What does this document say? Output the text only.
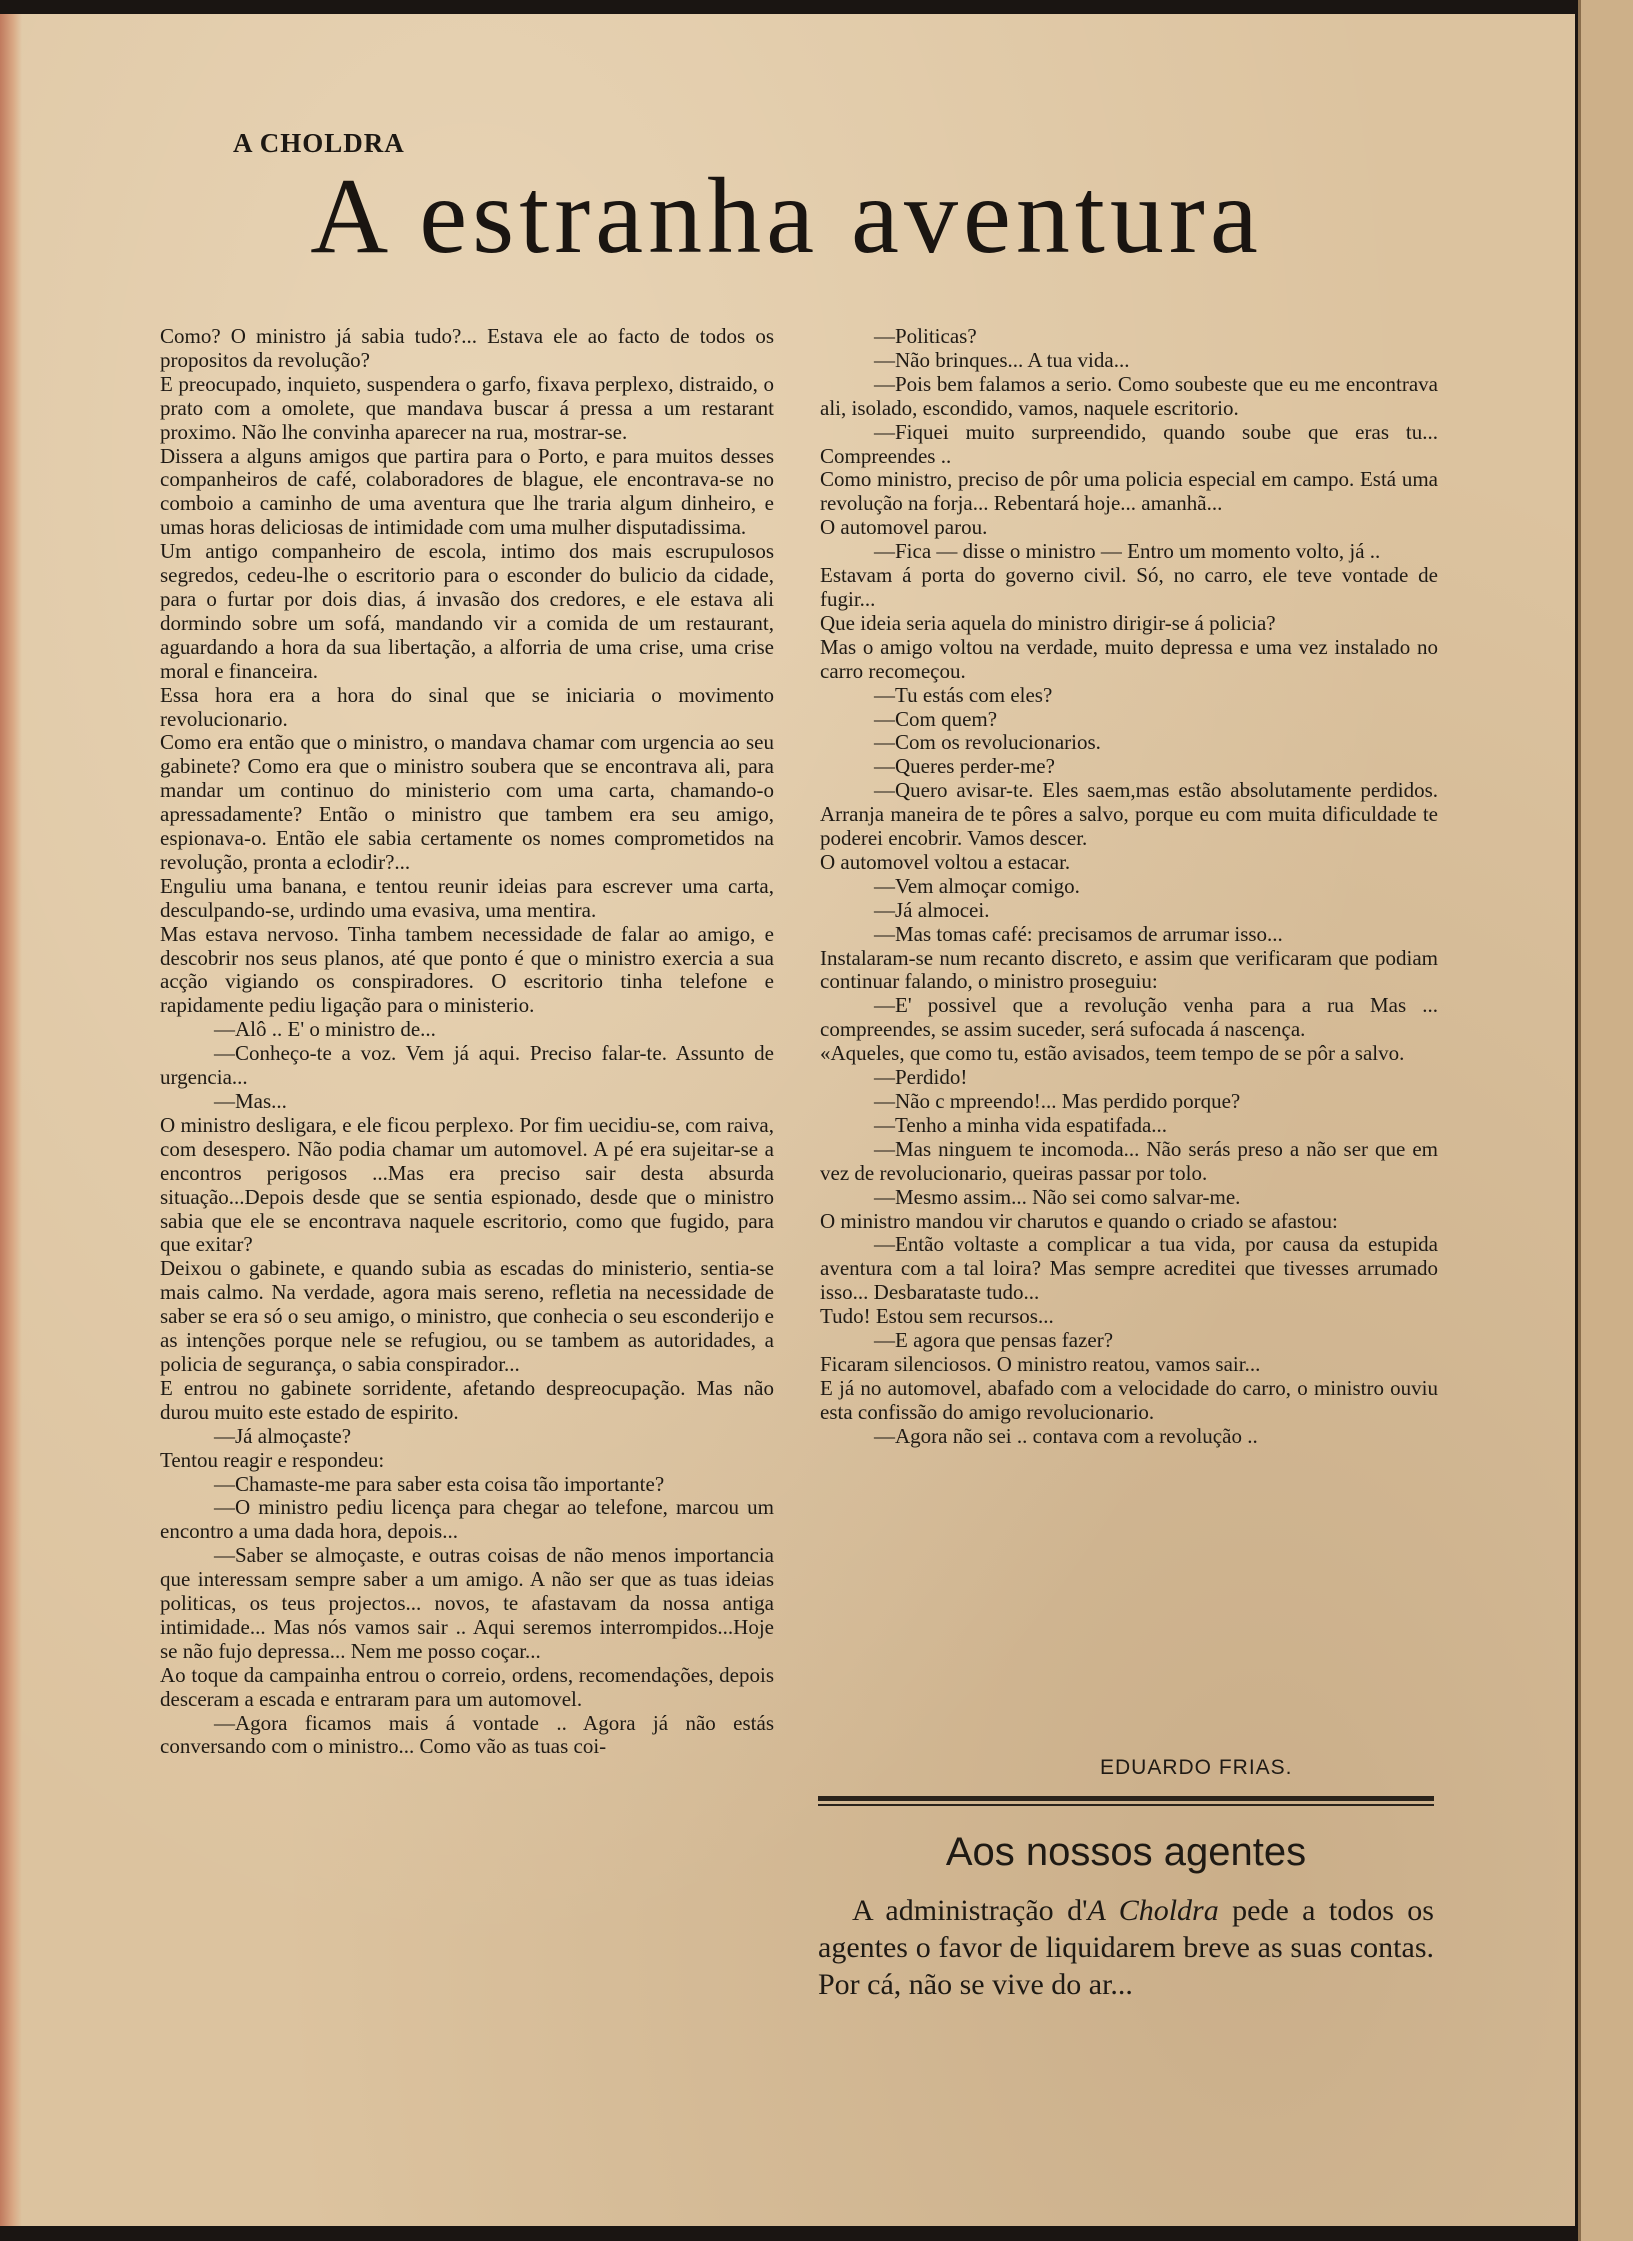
A CHOLDRA
A estranha aventura

Como? O ministro já sabia tudo?... Estava ele ao facto de todos os propositos da revolução?

E preocupado, inquieto, suspendera o garfo, fixava perplexo, distraido, o prato com a omolete, que mandava buscar á pressa a um restarant proximo. Não lhe convinha aparecer na rua, mostrar-se.

Dissera a alguns amigos que partira para o Porto, e para muitos desses companheiros de café, colaboradores de blague, ele encontrava-se no comboio a caminho de uma aventura que lhe traria algum dinheiro, e umas horas deliciosas de intimidade com uma mulher disputadissima.

Um antigo companheiro de escola, intimo dos mais escrupulosos segredos, cedeu-lhe o escritorio para o esconder do bulicio da cidade, para o furtar por dois dias, á invasão dos credores, e ele estava ali dormindo sobre um sofá, mandando vir a comida de um restaurant, aguardando a hora da sua libertação, a alforria de uma crise, uma crise moral e financeira.

Essa hora era a hora do sinal que se iniciaria o movimento revolucionario.

Como era então que o ministro, o mandava chamar com urgencia ao seu gabinete? Como era que o ministro soubera que se encontrava ali, para mandar um continuo do ministerio com uma carta, chamando-o apressadamente? Então o ministro que tambem era seu amigo, espionava-o. Então ele sabia certamente os nomes comprometidos na revolução, pronta a eclodir?...

Enguliu uma banana, e tentou reunir ideias para escrever uma carta, desculpando-se, urdindo uma evasiva, uma mentira.

Mas estava nervoso. Tinha tambem necessidade de falar ao amigo, e descobrir nos seus planos, até que ponto é que o ministro exercia a sua acção vigiando os conspiradores. O escritorio tinha telefone e rapidamente pediu ligação para o ministerio.

—Alô .. E' o ministro de...

—Conheço-te a voz. Vem já aqui. Preciso falar-te. Assunto de urgencia...

—Mas...

O ministro desligara, e ele ficou perplexo. Por fim uecidiu-se, com raiva, com desespero. Não podia chamar um automovel. A pé era sujeitar-se a encontros perigosos ...Mas era preciso sair desta absurda situação...Depois desde que se sentia espionado, desde que o ministro sabia que ele se encontrava naquele escritorio, como que fugido, para que exitar?

Deixou o gabinete, e quando subia as escadas do ministerio, sentia-se mais calmo. Na verdade, agora mais sereno, refletia na necessidade de saber se era só o seu amigo, o ministro, que conhecia o seu esconderijo e as intenções porque nele se refugiou, ou se tambem as autoridades, a policia de segurança, o sabia conspirador...

E entrou no gabinete sorridente, afetando despreocupação. Mas não durou muito este estado de espirito.

—Já almoçaste?

Tentou reagir e respondeu:

—Chamaste-me para saber esta coisa tão importante?

—O ministro pediu licença para chegar ao telefone, marcou um encontro a uma dada hora, depois...

—Saber se almoçaste, e outras coisas de não menos importancia que interessam sempre saber a um amigo. A não ser que as tuas ideias politicas, os teus projectos... novos, te afastavam da nossa antiga intimidade... Mas nós vamos sair .. Aqui seremos interrompidos...Hoje se não fujo depressa... Nem me posso coçar...

Ao toque da campainha entrou o correio, ordens, recomendações, depois desceram a escada e entraram para um automovel.

—Agora ficamos mais á vontade .. Agora já não estás conversando com o ministro... Como vão as tuas coi-

—Politicas?

—Não brinques... A tua vida...

—Pois bem falamos a serio. Como soubeste que eu me encontrava ali, isolado, escondido, vamos, naquele escritorio.

—Fiquei muito surpreendido, quando soube que eras tu... Compreendes ..

Como ministro, preciso de pôr uma policia especial em campo. Está uma revolução na forja... Rebentará hoje... amanhã...

O automovel parou.

—Fica — disse o ministro — Entro um momento volto, já ..

Estavam á porta do governo civil. Só, no carro, ele teve vontade de fugir...

Que ideia seria aquela do ministro dirigir-se á policia?

Mas o amigo voltou na verdade, muito depressa e uma vez instalado no carro recomeçou.

—Tu estás com eles?

—Com quem?

—Com os revolucionarios.

—Queres perder-me?

—Quero avisar-te. Eles saem,mas estão absolutamente perdidos. Arranja maneira de te pôres a salvo, porque eu com muita dificuldade te poderei encobrir. Vamos descer.

O automovel voltou a estacar.

—Vem almoçar comigo.

—Já almocei.

—Mas tomas café: precisamos de arrumar isso...

Instalaram-se num recanto discreto, e assim que verificaram que podiam continuar falando, o ministro proseguiu:

—E' possivel que a revolução venha para a rua Mas ... compreendes, se assim suceder, será sufocada á nascença.

«Aqueles, que como tu, estão avisados, teem tempo de se pôr a salvo.

—Perdido!

—Não c mpreendo!... Mas perdido porque?

—Tenho a minha vida espatifada...

—Mas ninguem te incomoda... Não serás preso a não ser que em vez de revolucionario, queiras passar por tolo.

—Mesmo assim... Não sei como salvar-me.

O ministro mandou vir charutos e quando o criado se afastou:

—Então voltaste a complicar a tua vida, por causa da estupida aventura com a tal loira? Mas sempre acreditei que tivesses arrumado isso... Desbarataste tudo...

Tudo! Estou sem recursos...

—E agora que pensas fazer?

Ficaram silenciosos. O ministro reatou, vamos sair...

E já no automovel, abafado com a velocidade do carro, o ministro ouviu esta confissão do amigo revolucionario.

—Agora não sei .. contava com a revolução ..

EDUARDO FRIAS.
Aos nossos agentes
A administração d'A Choldra pede a todos os agentes o favor de liquidarem breve as suas contas. Por cá, não se vive do ar...
